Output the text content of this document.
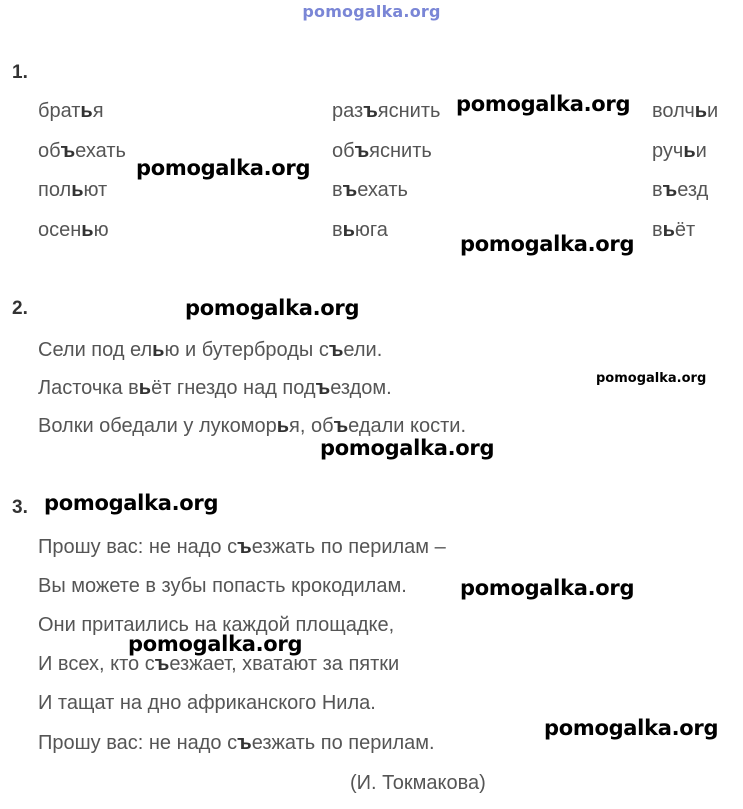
pomogalka.org
1.
братья
объехать
польют
осенью
разъяснить
объяснить
въехать
вьюга
волчьи
ручьи
въезд
вьёт
2.
Сели под елью и бутерброды съели.
Ласточка вьёт гнездо над подъездом.
Волки обедали у лукоморья, объедали кости.
3.
Прошу вас: не надо съезжать по перилам –
Вы можете в зубы попасть крокодилам.
Они притаились на каждой площадке,
И всех, кто съезжает, хватают за пятки
И тащат на дно африканского Нила.
Прошу вас: не надо съезжать по перилам.
(И. Токмакова)
pomogalka.org
pomogalka.org
pomogalka.org
pomogalka.org
pomogalka.org
pomogalka.org
pomogalka.org
pomogalka.org
pomogalka.org
pomogalka.org
